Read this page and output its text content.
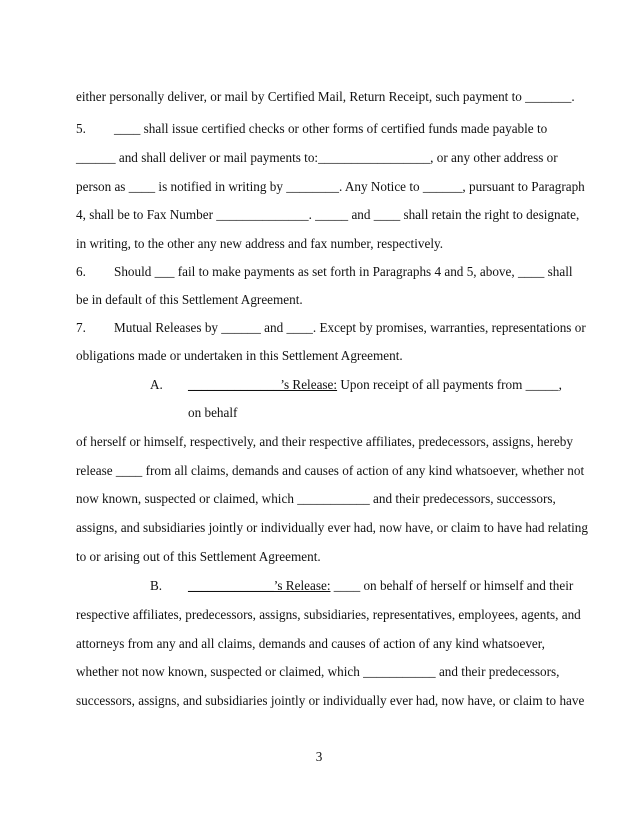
either personally deliver, or mail by Certified Mail, Return Receipt, such payment to _______.
5. ____ shall issue certified checks or other forms of certified funds made payable to
______ and shall deliver or mail payments to:_________________, or any other address or
person as ____ is notified in writing by ________. Any Notice to ______, pursuant to Paragraph
4, shall be to Fax Number ______________. _____ and ____ shall retain the right to designate,
in writing, to the other any new address and fax number, respectively.
6. Should ___ fail to make payments as set forth in Paragraphs 4 and 5, above, ____ shall
be in default of this Settlement Agreement.
7. Mutual Releases by ______ and ____. Except by promises, warranties, representations or
obligations made or undertaken in this Settlement Agreement.
A. ______________’s Release: Upon receipt of all payments from _____,
on behalf
of herself or himself, respectively, and their respective affiliates, predecessors, assigns, hereby
release ____ from all claims, demands and causes of action of any kind whatsoever, whether not
now known, suspected or claimed, which ___________ and their predecessors, successors,
assigns, and subsidiaries jointly or individually ever had, now have, or claim to have had relating
to or arising out of this Settlement Agreement.
B. _____________’s Release: ____ on behalf of herself or himself and their
respective affiliates, predecessors, assigns, subsidiaries, representatives, employees, agents, and
attorneys from any and all claims, demands and causes of action of any kind whatsoever,
whether not now known, suspected or claimed, which ___________ and their predecessors,
successors, assigns, and subsidiaries jointly or individually ever had, now have, or claim to have
3
